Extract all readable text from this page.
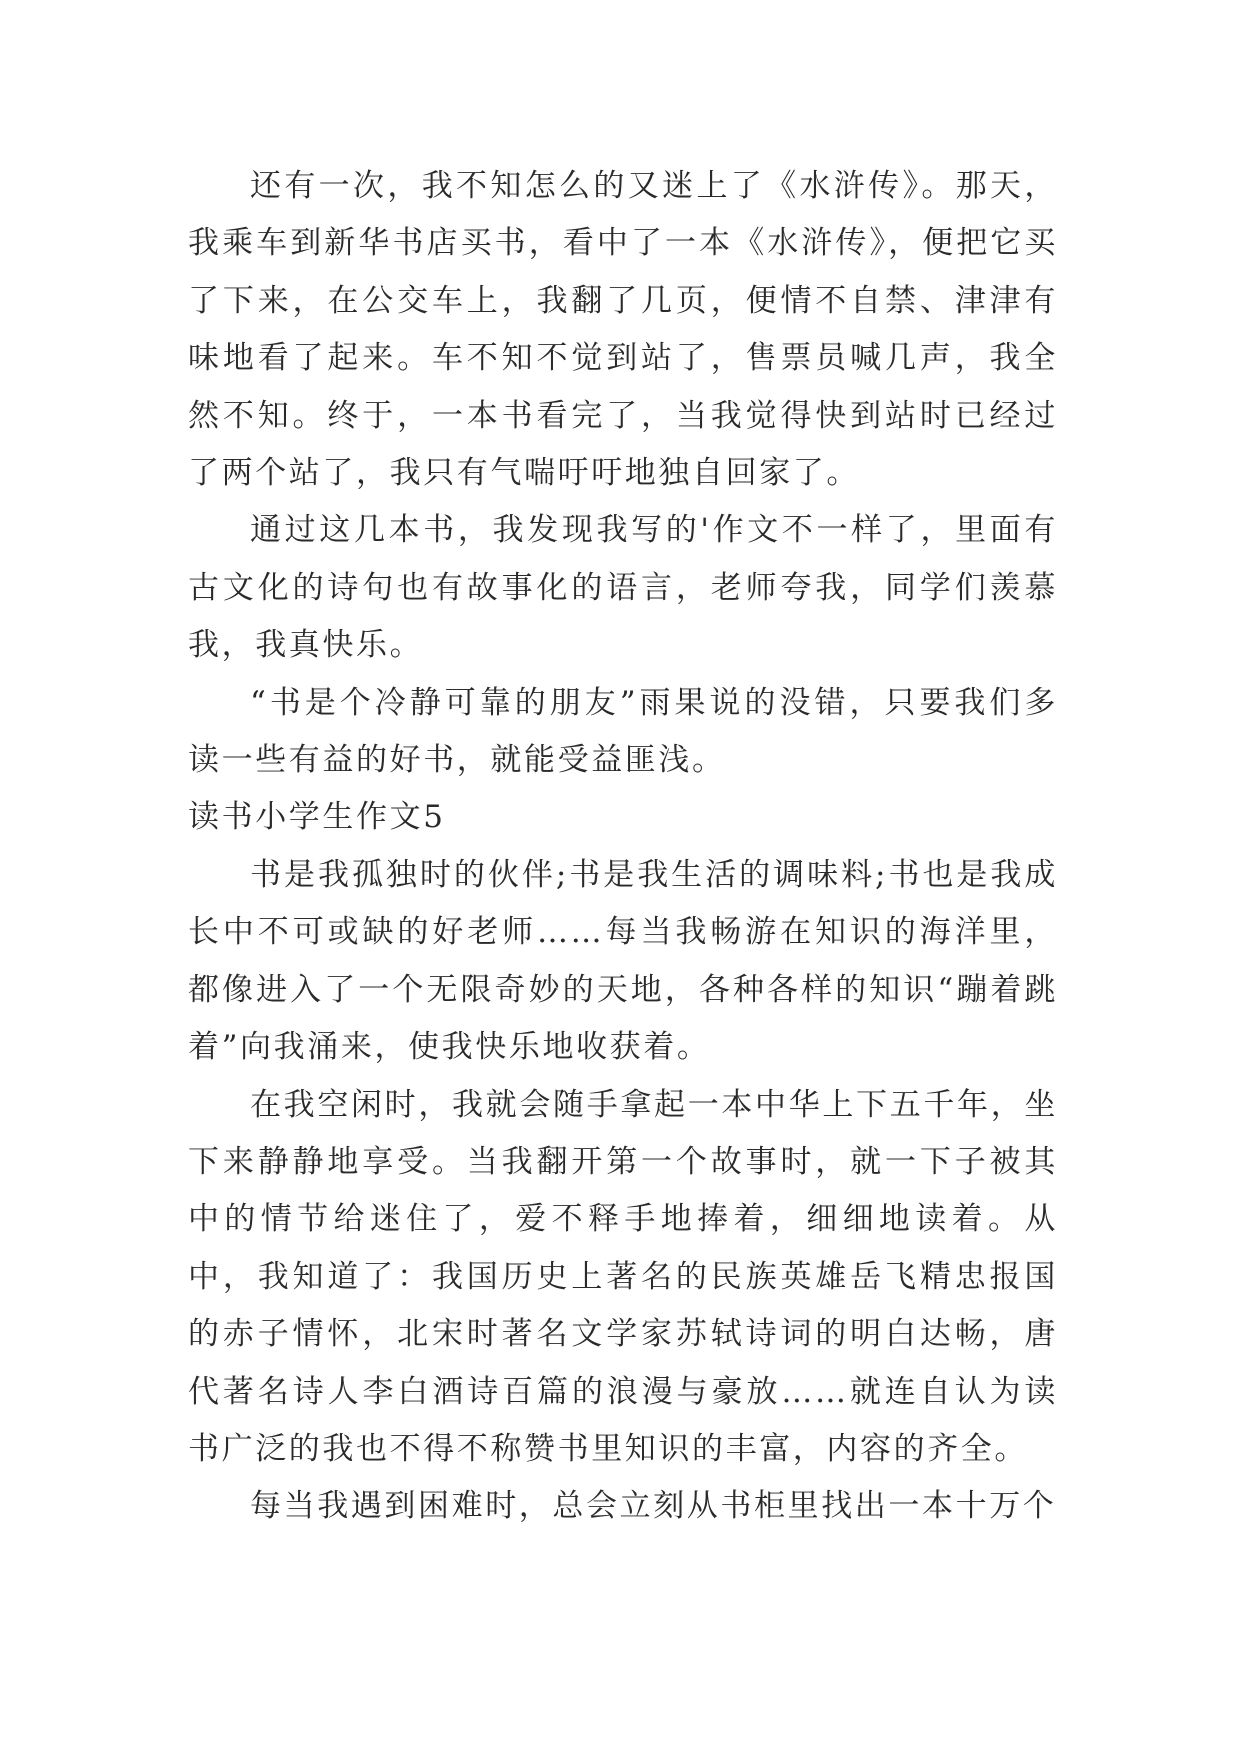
还有一次，我不知怎么的又迷上了《水浒传》。那天，我乘车到新华书店买书，看中了一本《水浒传》，便把它买了下来，在公交车上，我翻了几页，便情不自禁、津津有味地看了起来。车不知不觉到站了，售票员喊几声，我全然不知。终于，一本书看完了，当我觉得快到站时已经过了两个站了，我只有气喘吁吁地独自回家了。

通过这几本书，我发现我写的'作文不一样了，里面有古文化的诗句也有故事化的语言，老师夸我，同学们羡慕我，我真快乐。

“书是个冷静可靠的朋友”雨果说的没错，只要我们多读一些有益的好书，就能受益匪浅。

读书小学生作文5

书是我孤独时的伙伴;书是我生活的调味料;书也是我成长中不可或缺的好老师……每当我畅游在知识的海洋里，都像进入了一个无限奇妙的天地，各种各样的知识“蹦着跳着”向我涌来，使我快乐地收获着。

在我空闲时，我就会随手拿起一本中华上下五千年，坐下来静静地享受。当我翻开第一个故事时，就一下子被其中的情节给迷住了，爱不释手地捧着，细细地读着。从中，我知道了：我国历史上著名的民族英雄岳飞精忠报国的赤子情怀，北宋时著名文学家苏轼诗词的明白达畅，唐代著名诗人李白酒诗百篇的浪漫与豪放……就连自认为读书广泛的我也不得不称赞书里知识的丰富，内容的齐全。

每当我遇到困难时，总会立刻从书柜里找出一本十万个
